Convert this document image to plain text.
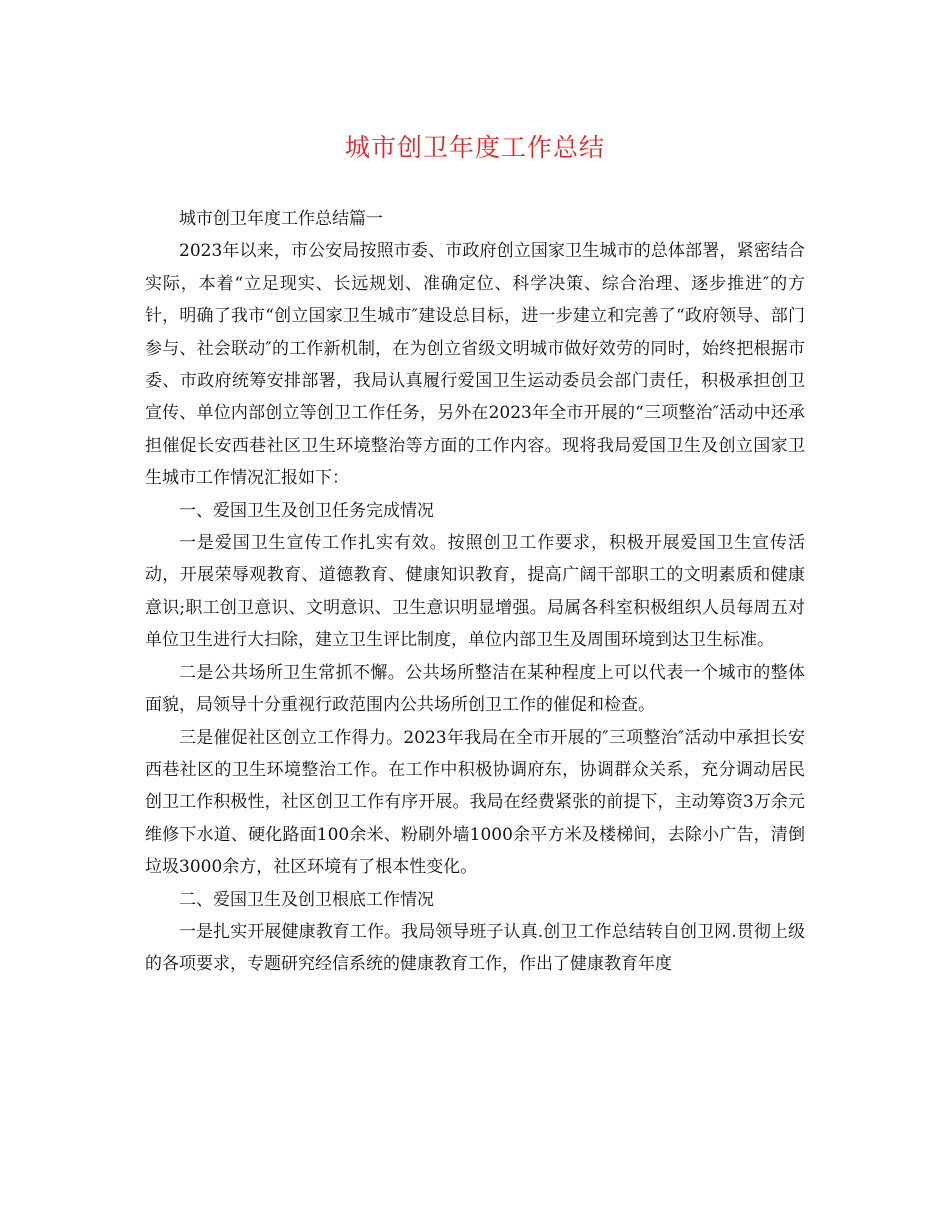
城市创卫年度工作总结

城市创卫年度工作总结篇一

2023年以来，市公安局按照市委、市政府创立国家卫生城市的总体部署，紧密结合实际，本着“立足现实、长远规划、准确定位、科学决策、综合治理、逐步推进″的方针，明确了我市“创立国家卫生城市″建设总目标，进一步建立和完善了“政府领导、部门参与、社会联动″的工作新机制，在为创立省级文明城市做好效劳的同时，始终把根据市委、市政府统筹安排部署，我局认真履行爱国卫生运动委员会部门责任，积极承担创卫宣传、单位内部创立等创卫工作任务，另外在2023年全市开展的“三项整治″活动中还承担催促长安西巷社区卫生环境整治等方面的工作内容。现将我局爱国卫生及创立国家卫生城市工作情况汇报如下：

一、爱国卫生及创卫任务完成情况

一是爱国卫生宣传工作扎实有效。按照创卫工作要求，积极开展爱国卫生宣传活动，开展荣辱观教育、道德教育、健康知识教育，提高广阔干部职工的文明素质和健康意识;职工创卫意识、文明意识、卫生意识明显增强。局属各科室积极组织人员每周五对单位卫生进行大扫除，建立卫生评比制度，单位内部卫生及周围环境到达卫生标准。

二是公共场所卫生常抓不懈。公共场所整洁在某种程度上可以代表一个城市的整体面貌，局领导十分重视行政范围内公共场所创卫工作的催促和检查。

三是催促社区创立工作得力。2023年我局在全市开展的″三项整治″活动中承担长安西巷社区的卫生环境整治工作。在工作中积极协调府东，协调群众关系，充分调动居民创卫工作积极性，社区创卫工作有序开展。我局在经费紧张的前提下，主动筹资3万余元维修下水道、硬化路面100余米、粉刷外墙1000余平方米及楼梯间，去除小广告，清倒垃圾3000余方，社区环境有了根本性变化。

二、爱国卫生及创卫根底工作情况

一是扎实开展健康教育工作。我局领导班子认真.创卫工作总结转自创卫网.贯彻上级的各项要求，专题研究经信系统的健康教育工作，作出了健康教育年度
